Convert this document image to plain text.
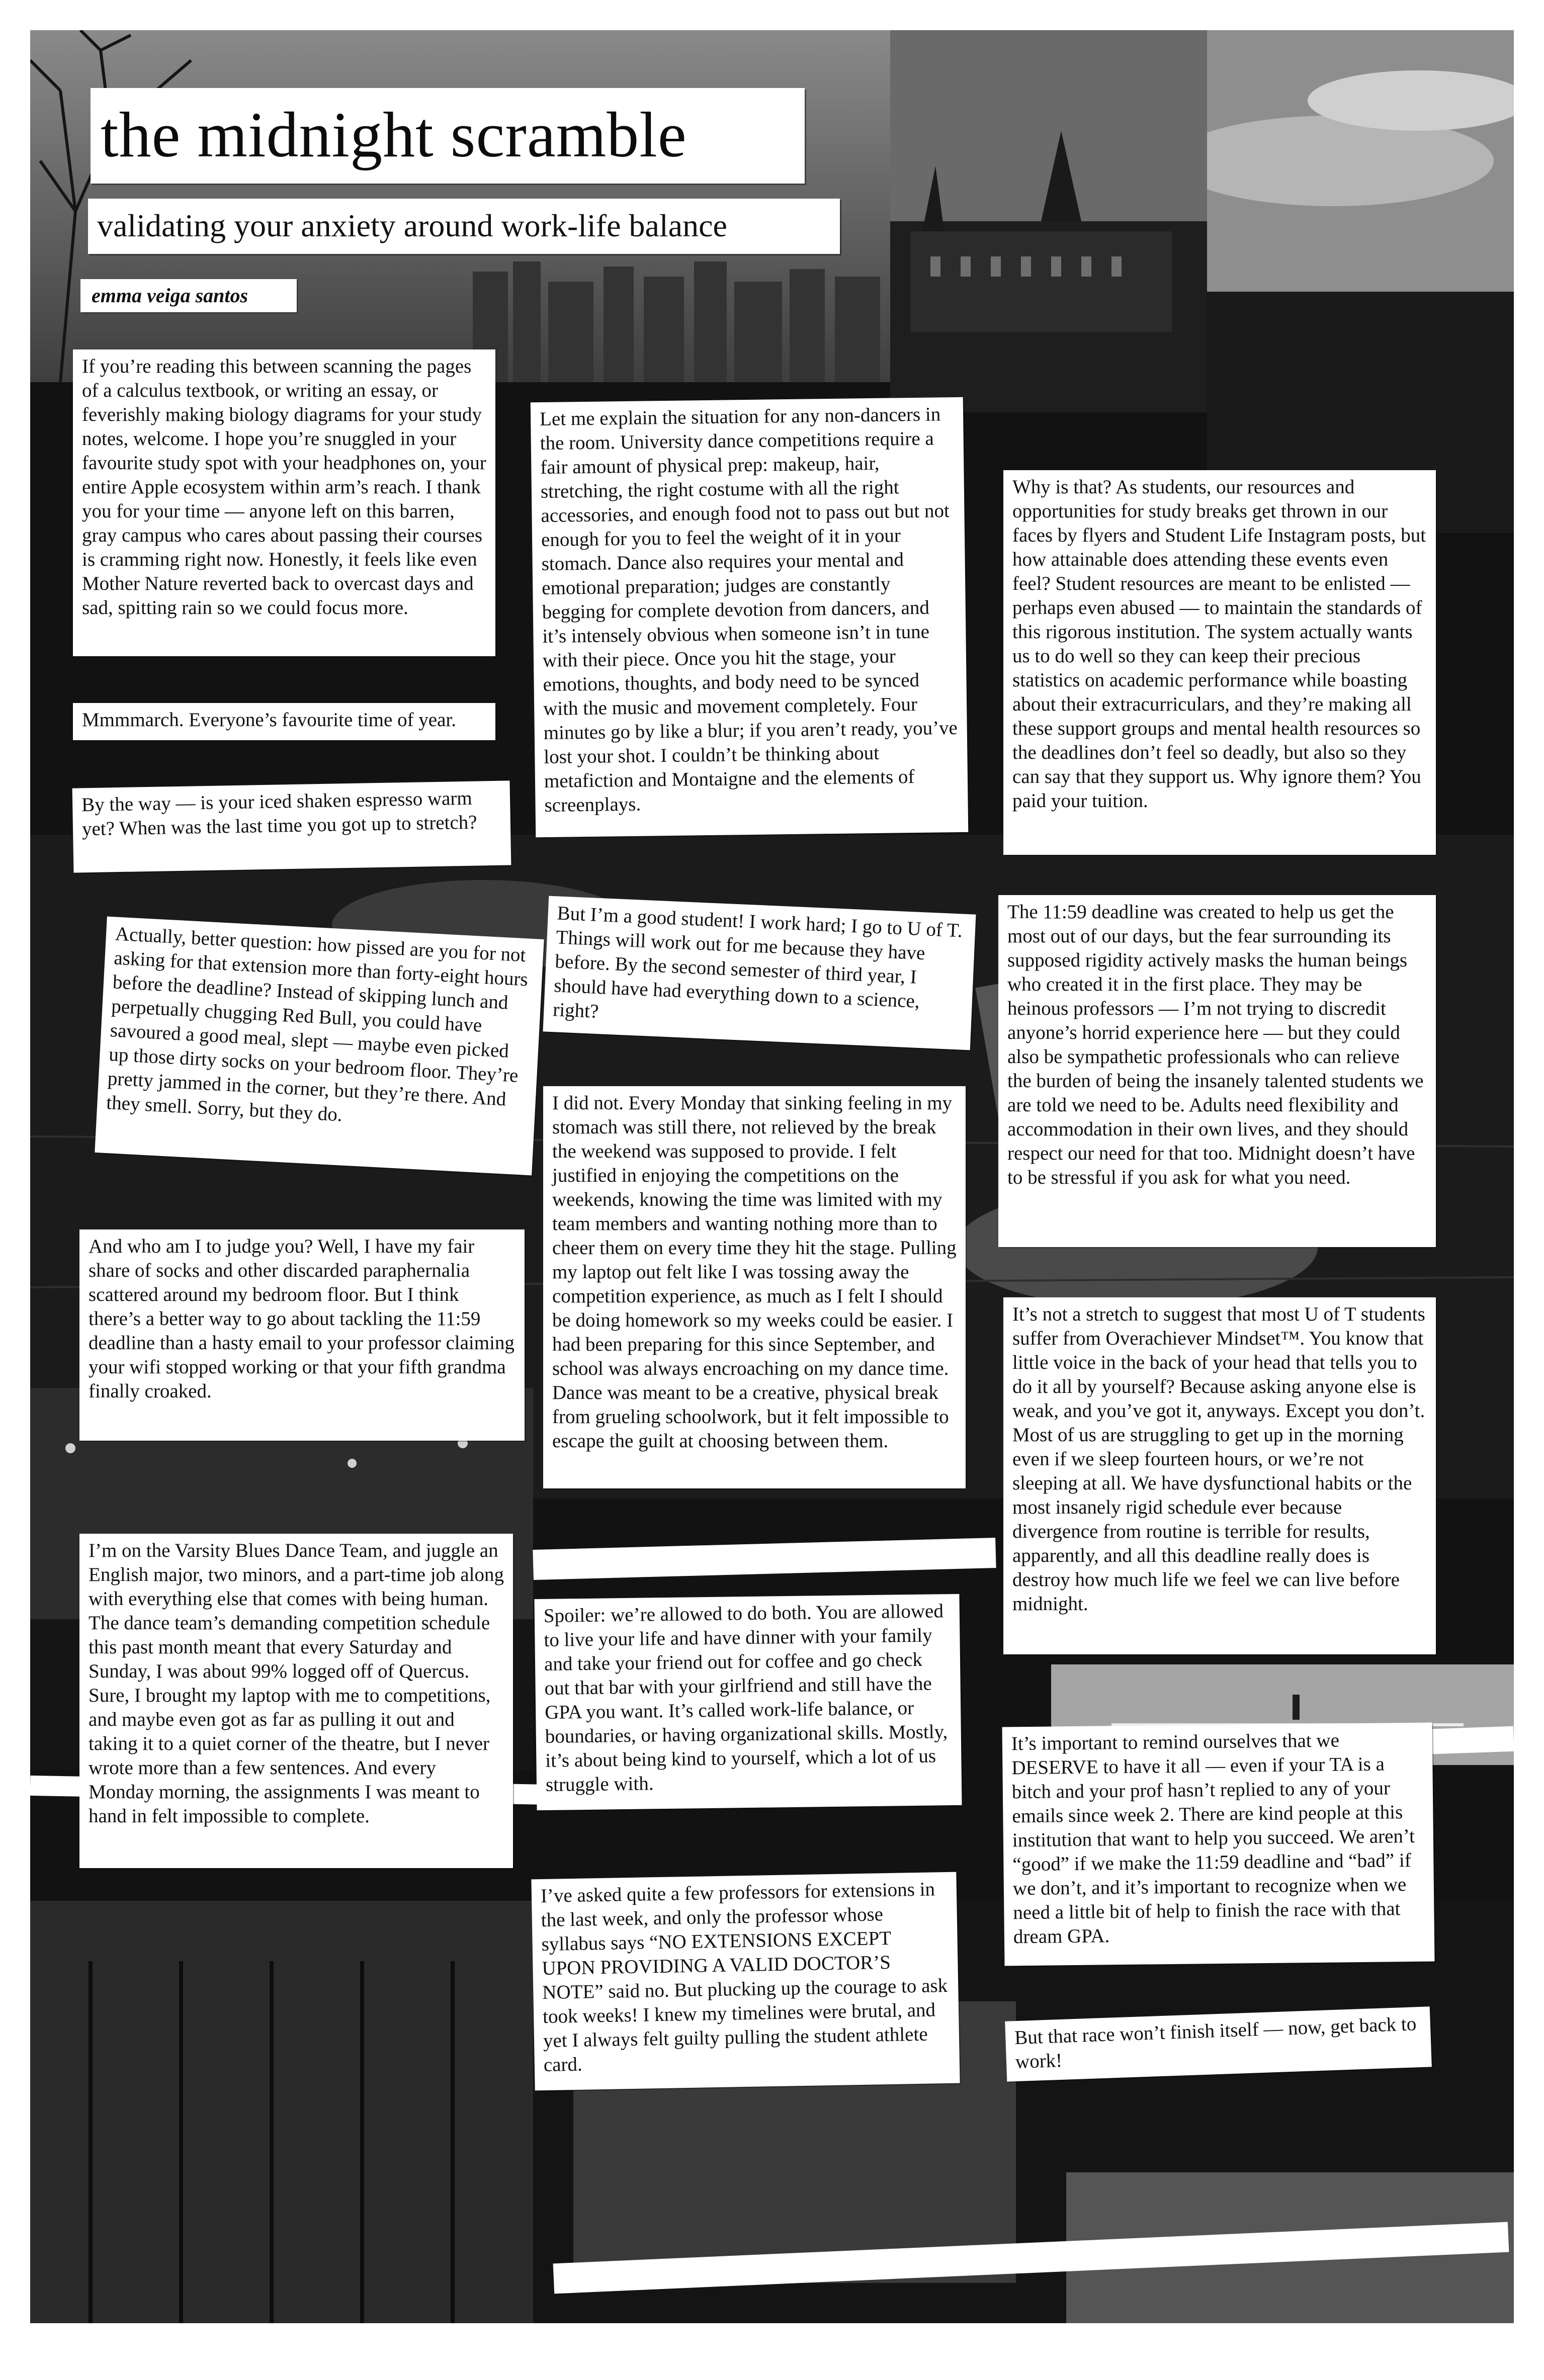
the midnight scramble
validating your anxiety around work-life balance
emma veiga santos

If you’re reading this between scanning the pages of a calculus textbook, or writing an essay, or feverishly making biology diagrams for your study notes, welcome. I hope you’re snuggled in your favourite study spot with your headphones on, your entire Apple ecosystem within arm’s reach. I thank you for your time — anyone left on this barren, gray campus who cares about passing their courses is cramming right now. Honestly, it feels like even Mother Nature reverted back to overcast days and sad, spitting rain so we could focus more.

Mmmmarch. Everyone’s favourite time of year.

By the way — is your iced shaken espresso warm yet? When was the last time you got up to stretch?

Actually, better question: how pissed are you for not asking for that extension more than forty-eight hours before the deadline? Instead of skipping lunch and perpetually chugging Red Bull, you could have savoured a good meal, slept — maybe even picked up those dirty socks on your bedroom floor. They’re pretty jammed in the corner, but they’re there. And they smell. Sorry, but they do.

And who am I to judge you? Well, I have my fair share of socks and other discarded paraphernalia scattered around my bedroom floor. But I think there’s a better way to go about tackling the 11:59 deadline than a hasty email to your professor claiming your wifi stopped working or that your fifth grandma finally croaked.

I’m on the Varsity Blues Dance Team, and juggle an English major, two minors, and a part-time job along with everything else that comes with being human. The dance team’s demanding competition schedule this past month meant that every Saturday and Sunday, I was about 99% logged off of Quercus. Sure, I brought my laptop with me to competitions, and maybe even got as far as pulling it out and taking it to a quiet corner of the theatre, but I never wrote more than a few sentences. And every Monday morning, the assignments I was meant to hand in felt impossible to complete.

Let me explain the situation for any non-dancers in the room. University dance competitions require a fair amount of physical prep: makeup, hair, stretching, the right costume with all the right accessories, and enough food not to pass out but not enough for you to feel the weight of it in your stomach. Dance also requires your mental and emotional preparation; judges are constantly begging for complete devotion from dancers, and it’s intensely obvious when someone isn’t in tune with their piece. Once you hit the stage, your emotions, thoughts, and body need to be synced with the music and movement completely. Four minutes go by like a blur; if you aren’t ready, you’ve lost your shot. I couldn’t be thinking about metafiction and Montaigne and the elements of screenplays.

But I’m a good student! I work hard; I go to U of T. Things will work out for me because they have before. By the second semester of third year, I should have had everything down to a science, right?

I did not. Every Monday that sinking feeling in my stomach was still there, not relieved by the break the weekend was supposed to provide. I felt justified in enjoying the competitions on the weekends, knowing the time was limited with my team members and wanting nothing more than to cheer them on every time they hit the stage. Pulling my laptop out felt like I was tossing away the competition experience, as much as I felt I should be doing homework so my weeks could be easier. I had been preparing for this since September, and school was always encroaching on my dance time. Dance was meant to be a creative, physical break from grueling schoolwork, but it felt impossible to escape the guilt at choosing between them.

Spoiler: we’re allowed to do both. You are allowed to live your life and have dinner with your family and take your friend out for coffee and go check out that bar with your girlfriend and still have the GPA you want. It’s called work-life balance, or boundaries, or having organizational skills. Mostly, it’s about being kind to yourself, which a lot of us struggle with.

I’ve asked quite a few professors for extensions in the last week, and only the professor whose syllabus says “NO EXTENSIONS EXCEPT UPON PROVIDING A VALID DOCTOR’S NOTE” said no. But plucking up the courage to ask took weeks! I knew my timelines were brutal, and yet I always felt guilty pulling the student athlete card.

Why is that? As students, our resources and opportunities for study breaks get thrown in our faces by flyers and Student Life Instagram posts, but how attainable does attending these events even feel? Student resources are meant to be enlisted — perhaps even abused — to maintain the standards of this rigorous institution. The system actually wants us to do well so they can keep their precious statistics on academic performance while boasting about their extracurriculars, and they’re making all these support groups and mental health resources so the deadlines don’t feel so deadly, but also so they can say that they support us. Why ignore them? You paid your tuition.

The 11:59 deadline was created to help us get the most out of our days, but the fear surrounding its supposed rigidity actively masks the human beings who created it in the first place. They may be heinous professors — I’m not trying to discredit anyone’s horrid experience here — but they could also be sympathetic professionals who can relieve the burden of being the insanely talented students we are told we need to be. Adults need flexibility and accommodation in their own lives, and they should respect our need for that too. Midnight doesn’t have to be stressful if you ask for what you need.

It’s not a stretch to suggest that most U of T students suffer from Overachiever Mindset™. You know that little voice in the back of your head that tells you to do it all by yourself? Because asking anyone else is weak, and you’ve got it, anyways. Except you don’t. Most of us are struggling to get up in the morning even if we sleep fourteen hours, or we’re not sleeping at all. We have dysfunctional habits or the most insanely rigid schedule ever because divergence from routine is terrible for results, apparently, and all this deadline really does is destroy how much life we feel we can live before midnight.

It’s important to remind ourselves that we DESERVE to have it all — even if your TA is a bitch and your prof hasn’t replied to any of your emails since week 2. There are kind people at this institution that want to help you succeed. We aren’t “good” if we make the 11:59 deadline and “bad” if we don’t, and it’s important to recognize when we need a little bit of help to finish the race with that dream GPA.

But that race won’t finish itself — now, get back to work!
